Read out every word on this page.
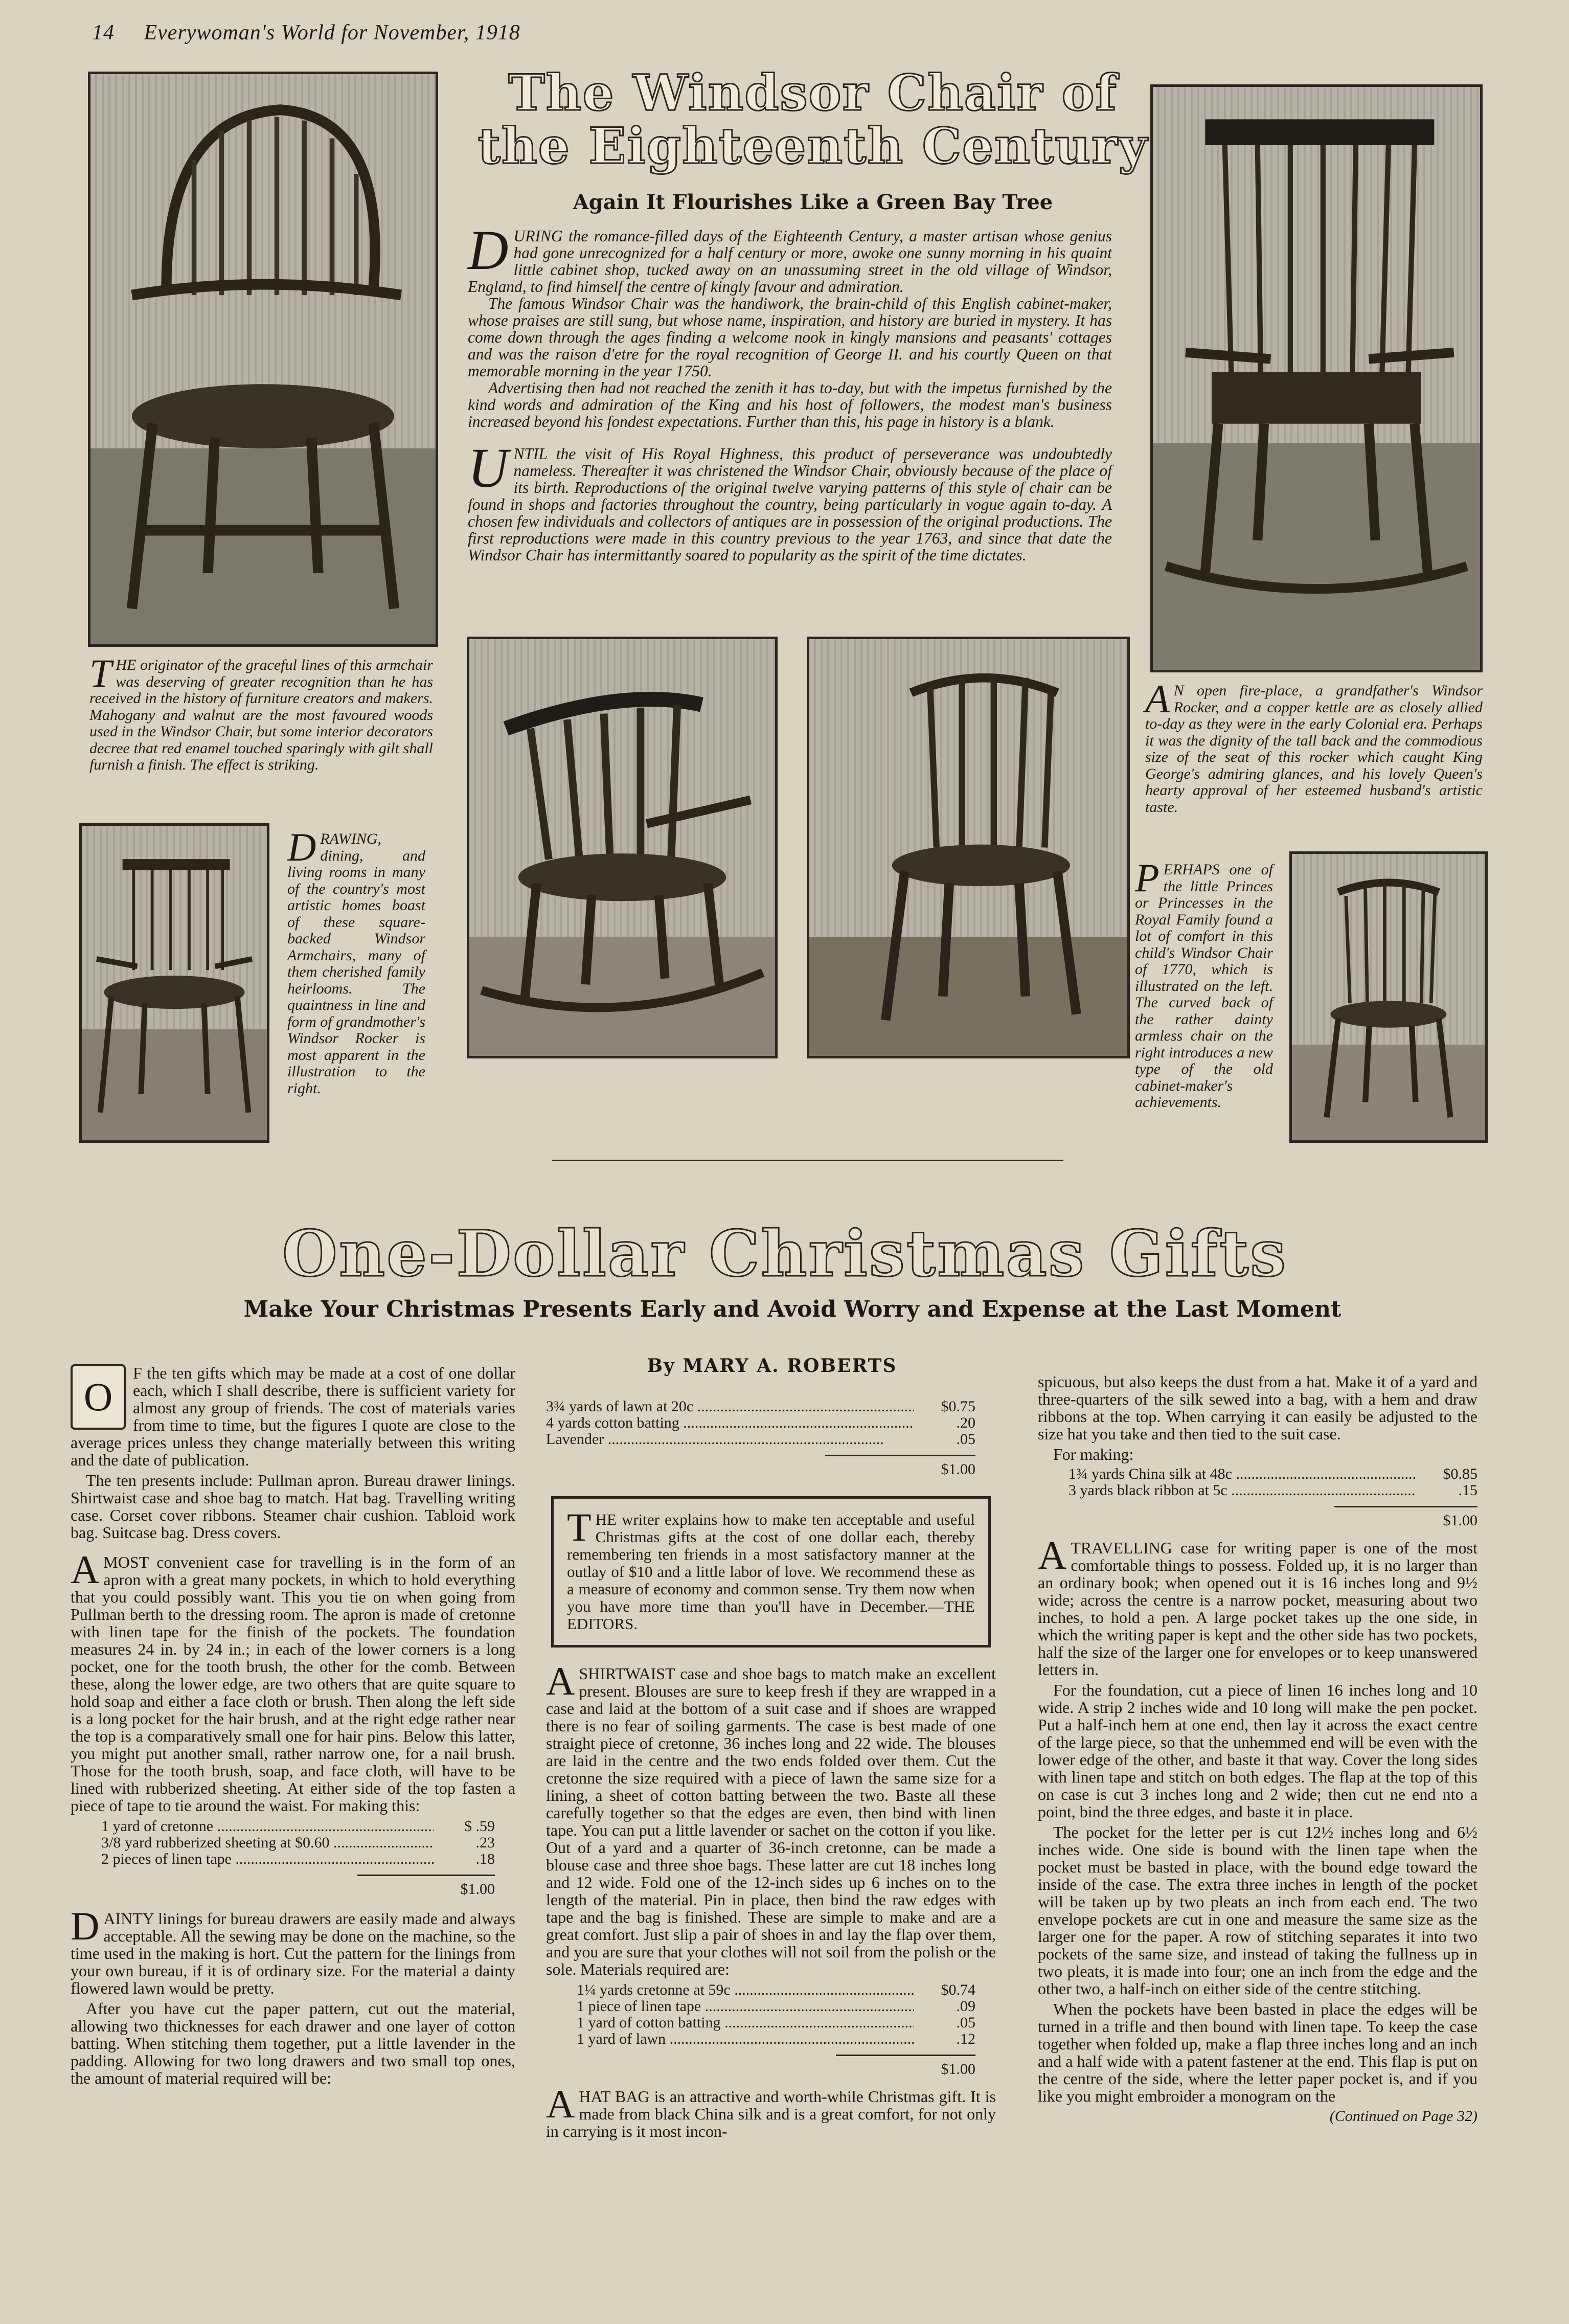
14 Everywoman's World for November, 1918
The Windsor Chair of
the Eighteenth Century
Again It Flourishes Like a Green Bay Tree

DURING the romance-filled days of the Eighteenth Century, a master artisan whose genius had gone unrecognized for a half century or more, awoke one sunny morning in his quaint little cabinet shop, tucked away on an unassuming street in the old village of Windsor, England, to find himself the centre of kingly favour and admiration.

The famous Windsor Chair was the handiwork, the brain-child of this English cabinet-maker, whose praises are still sung, but whose name, inspiration, and history are buried in mystery. It has come down through the ages finding a welcome nook in kingly mansions and peasants' cottages and was the raison d'etre for the royal recognition of George II. and his courtly Queen on that memorable morning in the year 1750.

Advertising then had not reached the zenith it has to-day, but with the impetus furnished by the kind words and admiration of the King and his host of followers, the modest man's business increased beyond his fondest expectations. Further than this, his page in history is a blank.

UNTIL the visit of His Royal Highness, this product of perseverance was undoubtedly nameless. Thereafter it was christened the Windsor Chair, obviously because of the place of its birth. Reproductions of the original twelve varying patterns of this style of chair can be found in shops and factories throughout the country, being particularly in vogue again to-day. A chosen few individuals and collectors of antiques are in possession of the original productions. The first reproductions were made in this country previous to the year 1763, and since that date the Windsor Chair has intermittantly soared to popularity as the spirit of the time dictates.

THE originator of the graceful lines of this armchair was deserving of greater recognition than he has received in the history of furniture creators and makers. Mahogany and walnut are the most favoured woods used in the Windsor Chair, but some interior decorators decree that red enamel touched sparingly with gilt shall furnish a finish. The effect is striking.

DRAWING, dining, and living rooms in many of the country's most artistic homes boast of these square-backed Windsor Armchairs, many of them cherished family heirlooms. The quaintness in line and form of grandmother's Windsor Rocker is most apparent in the illustration to the right.

A N open fire-place, a grandfather's Windsor Rocker, and a copper kettle are as closely allied to-day as they were in the early Colonial era. Perhaps it was the dignity of the tall back and the commodious size of the seat of this rocker which caught King George's admiring glances, and his lovely Queen's hearty approval of her esteemed husband's artistic taste.

PERHAPS one of the little Princes or Princesses in the Royal Family found a lot of comfort in this child's Windsor Chair of 1770, which is illustrated on the left. The curved back of the rather dainty armless chair on the right introduces a new type of the old cabinet-maker's achievements.

One-Dollar Christmas Gifts
Make Your Christmas Presents Early and Avoid Worry and Expense at the Last Moment
By MARY A. ROBERTS

O
F the ten gifts which may be made at a cost of one dollar each, which I shall describe, there is sufficient variety for almost any group of friends. The cost of materials varies from time to time, but the figures I quote are close to the average prices unless they change materially between this writing and the date of publication.

The ten presents include: Pullman apron. Bureau drawer linings. Shirtwaist case and shoe bag to match. Hat bag. Travelling writing case. Corset cover ribbons. Steamer chair cushion. Tabloid work bag. Suitcase bag. Dress covers.

AMOST convenient case for travelling is in the form of an apron with a great many pockets, in which to hold everything that you could possibly want. This you tie on when going from Pullman berth to the dressing room. The apron is made of cretonne with linen tape for the finish of the pockets. The foundation measures 24 in. by 24 in.; in each of the lower corners is a long pocket, one for the tooth brush, the other for the comb. Between these, along the lower edge, are two others that are quite square to hold soap and either a face cloth or brush. Then along the left side is a long pocket for the hair brush, and at the right edge rather near the top is a comparatively small one for hair pins. Below this latter, you might put another small, rather narrow one, for a nail brush. Those for the tooth brush, soap, and face cloth, will have to be lined with rubberized sheeting. At either side of the top fasten a piece of tape to tie around the waist. For making this:

1 yard of cretonne .....	$ .59
3/8 yard rubberized sheeting at $0.60 .....	.23
2 pieces of linen tape .....	.18
$1.00

DAINTY linings for bureau drawers are easily made and always acceptable. All the sewing may be done on the machine, so the time used in the making is hort. Cut the pattern for the linings from your own bureau, if it is of ordinary size. For the material a dainty flowered lawn would be pretty.

After you have cut the paper pattern, cut out the material, allowing two thicknesses for each drawer and one layer of cotton batting. When stitching them together, put a little lavender in the padding. Allowing for two long drawers and two small top ones, the amount of material required will be:

3¾ yards of lawn at 20c .....	$0.75
4 yards cotton batting .....	.20
Lavender .....	.05
$1.00
THE writer explains how to make ten acceptable and useful Christmas gifts at the cost of one dollar each, thereby remembering ten friends in a most satisfactory manner at the outlay of $10 and a little labor of love. We recommend these as a measure of economy and common sense. Try them now when you have more time than you'll have in December.—THE EDITORS.

ASHIRTWAIST case and shoe bags to match make an excellent present. Blouses are sure to keep fresh if they are wrapped in a case and laid at the bottom of a suit case and if shoes are wrapped there is no fear of soiling garments. The case is best made of one straight piece of cretonne, 36 inches long and 22 wide. The blouses are laid in the centre and the two ends folded over them. Cut the cretonne the size required with a piece of lawn the same size for a lining, a sheet of cotton batting between the two. Baste all these carefully together so that the edges are even, then bind with linen tape. You can put a little lavender or sachet on the cotton if you like. Out of a yard and a quarter of 36-inch cretonne, can be made a blouse case and three shoe bags. These latter are cut 18 inches long and 12 wide. Fold one of the 12-inch sides up 6 inches on to the length of the material. Pin in place, then bind the raw edges with tape and the bag is finished. These are simple to make and are a great comfort. Just slip a pair of shoes in and lay the flap over them, and you are sure that your clothes will not soil from the polish or the sole. Materials required are:

1¼ yards cretonne at 59c .....	$0.74
1 piece of linen tape .....	.09
1 yard of cotton batting .....	.05
1 yard of lawn .....	.12
$1.00

AHAT BAG is an attractive and worth-while Christmas gift. It is made from black China silk and is a great comfort, for not only in carrying is it most incon-

spicuous, but also keeps the dust from a hat. Make it of a yard and three-quarters of the silk sewed into a bag, with a hem and draw ribbons at the top. When carrying it can easily be adjusted to the size hat you take and then tied to the suit case.

For making:

1¾ yards China silk at 48c .....	$0.85
3 yards black ribbon at 5c .....	.15
$1.00

ATRAVELLING case for writing paper is one of the most comfortable things to possess. Folded up, it is no larger than an ordinary book; when opened out it is 16 inches long and 9½ wide; across the centre is a narrow pocket, measuring about two inches, to hold a pen. A large pocket takes up the one side, in which the writing paper is kept and the other side has two pockets, half the size of the larger one for envelopes or to keep unanswered letters in.

For the foundation, cut a piece of linen 16 inches long and 10 wide. A strip 2 inches wide and 10 long will make the pen pocket. Put a half-inch hem at one end, then lay it across the exact centre of the large piece, so that the unhemmed end will be even with the lower edge of the other, and baste it that way. Cover the long sides with linen tape and stitch on both edges. The flap at the top of this on case is cut 3 inches long and 2 wide; then cut ne end nto a point, bind the three edges, and baste it in place.

The pocket for the letter per is cut 12½ inches long and 6½ inches wide. One side is bound with the linen tape when the pocket must be basted in place, with the bound edge toward the inside of the case. The extra three inches in length of the pocket will be taken up by two pleats an inch from each end. The two envelope pockets are cut in one and measure the same size as the larger one for the paper. A row of stitching separates it into two pockets of the same size, and instead of taking the fullness up in two pleats, it is made into four; one an inch from the edge and the other two, a half-inch on either side of the centre stitching.

When the pockets have been basted in place the edges will be turned in a trifle and then bound with linen tape. To keep the case together when folded up, make a flap three inches long and an inch and a half wide with a patent fastener at the end. This flap is put on the centre of the side, where the letter paper pocket is, and if you like you might embroider a monogram on the

(Continued on Page 32)
